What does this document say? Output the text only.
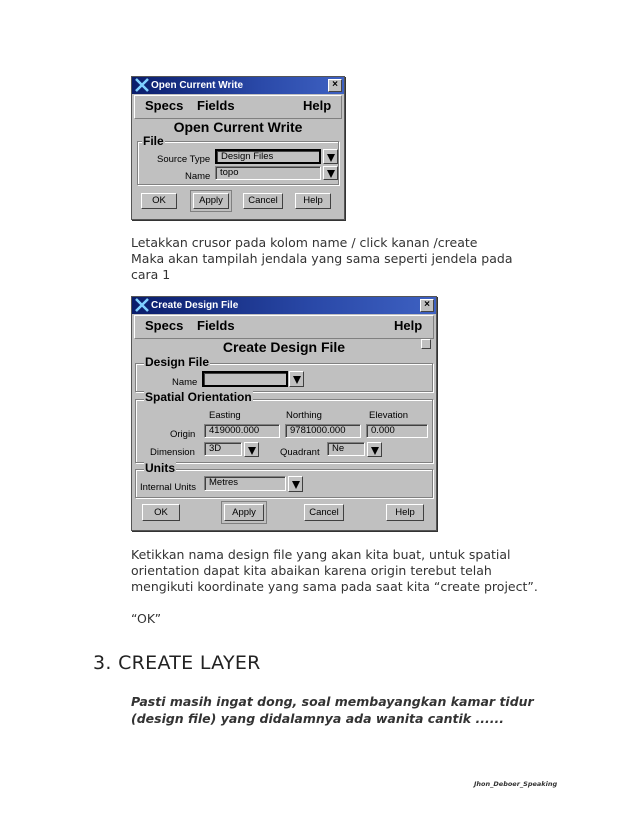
Open Current Write	×
Specs Fields	Help
Open Current Write
File
Source Type	Design Files
Name	topo
OK	Apply	Cancel	Help
Letakkan crusor pada kolom name / click kanan /create
Maka akan tampilah jendala yang sama seperti jendela pada
cara 1
Create Design File	×
Specs Fields	Help
Create Design File
Design File
Name
Spatial Orientation
Easting	Northing	Elevation
Origin	419000.000	9781000.000	0.000
Dimension	3D	Quadrant	Ne
Units
Internal Units	Metres
OK	Apply	Cancel	Help
Ketikkan nama design file yang akan kita buat, untuk spatial
orientation dapat kita abaikan karena origin terebut telah
mengikuti koordinate yang sama pada saat kita “create project”.
“OK”
3. CREATE LAYER
Pasti masih ingat dong, soal membayangkan kamar tidur
(design file) yang didalamnya ada wanita cantik ......
Jhon_Deboer_Speaking
